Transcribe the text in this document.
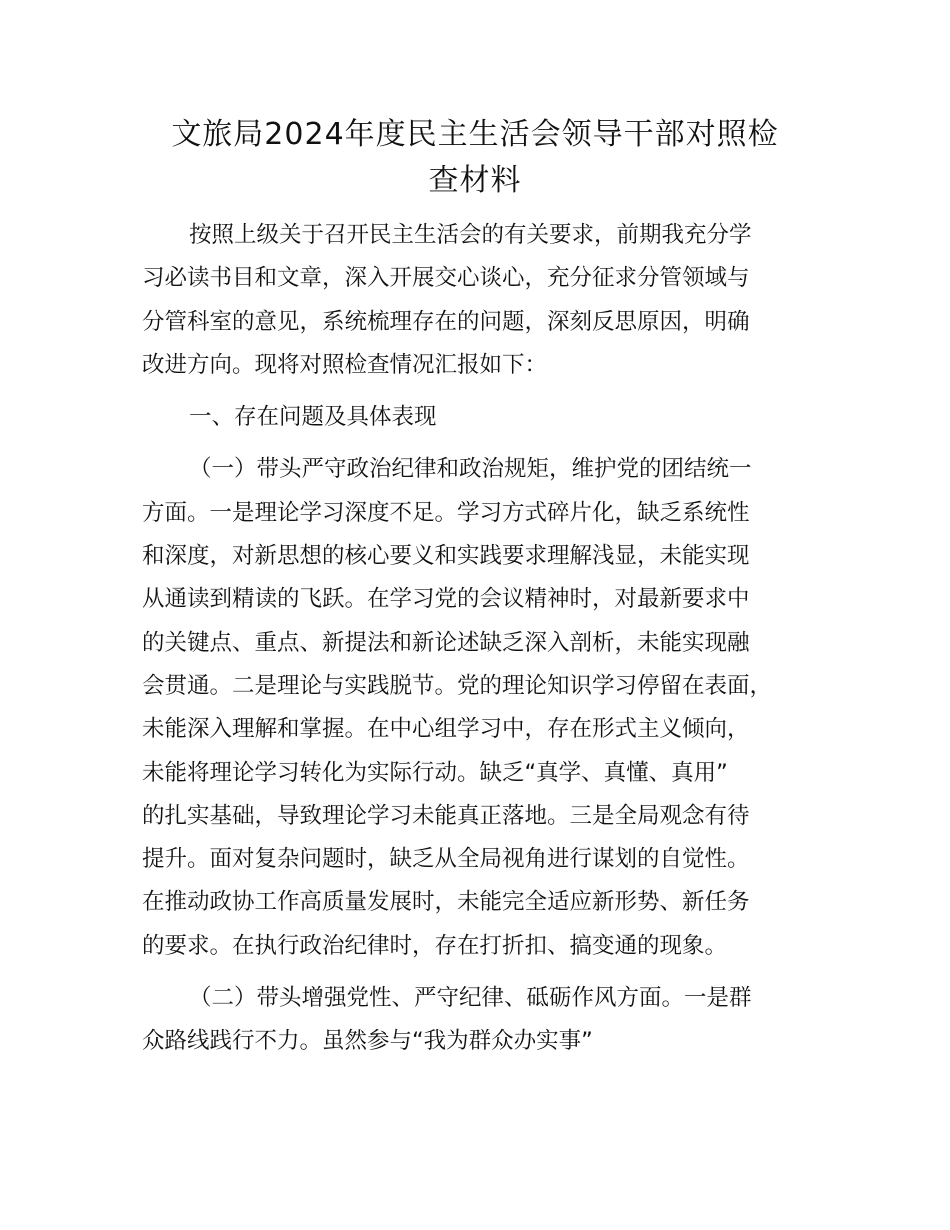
文旅局2024年度民主生活会领导干部对照检
查材料

按照上级关于召开民主生活会的有关要求，前期我充分学
习必读书目和文章，深入开展交心谈心，充分征求分管领域与
分管科室的意见，系统梳理存在的问题，深刻反思原因，明确
改进方向。现将对照检查情况汇报如下：

一、存在问题及具体表现

（一）带头严守政治纪律和政治规矩，维护党的团结统一
方面。一是理论学习深度不足。学习方式碎片化，缺乏系统性
和深度，对新思想的核心要义和实践要求理解浅显，未能实现
从通读到精读的飞跃。在学习党的会议精神时，对最新要求中
的关键点、重点、新提法和新论述缺乏深入剖析，未能实现融
会贯通。二是理论与实践脱节。党的理论知识学习停留在表面，
未能深入理解和掌握。在中心组学习中，存在形式主义倾向，
未能将理论学习转化为实际行动。缺乏“真学、真懂、真用”
的扎实基础，导致理论学习未能真正落地。三是全局观念有待
提升。面对复杂问题时，缺乏从全局视角进行谋划的自觉性。
在推动政协工作高质量发展时，未能完全适应新形势、新任务
的要求。在执行政治纪律时，存在打折扣、搞变通的现象。

（二）带头增强党性、严守纪律、砥砺作风方面。一是群
众路线践行不力。虽然参与“我为群众办实事”
